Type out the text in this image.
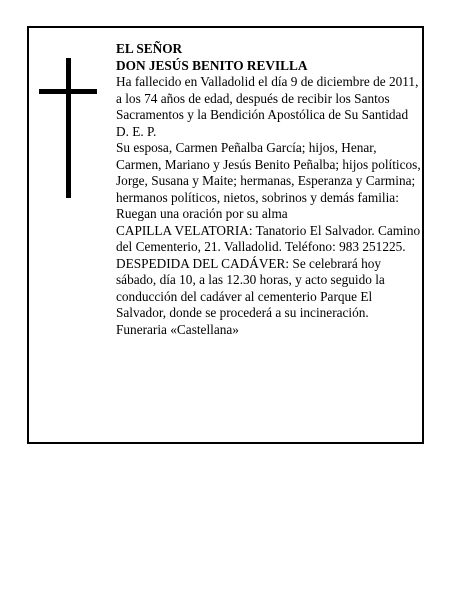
EL SEÑOR

DON JESÚS BENITO REVILLA

Ha fallecido en Valladolid el día 9 de diciembre de 2011, a los 74 años de edad, después de recibir los Santos Sacramentos y la Bendición Apostólica de Su Santidad

D. E. P.

Su esposa, Carmen Peñalba García; hijos, Henar, Carmen, Mariano y Jesús Benito Peñalba; hijos políticos, Jorge, Susana y Maite; hermanas, Esperanza y Carmina; hermanos políticos, nietos, sobrinos y demás familia:

Ruegan una oración por su alma

CAPILLA VELATORIA: Tanatorio El Salvador. Camino del Cementerio, 21. Valladolid. Teléfono: 983 251225.

DESPEDIDA DEL CADÁVER: Se celebrará hoy sábado, día 10, a las 12.30 horas, y acto seguido la conducción del cadáver al cementerio Parque El Salvador, donde se procederá a su incineración.

Funeraria «Castellana»
